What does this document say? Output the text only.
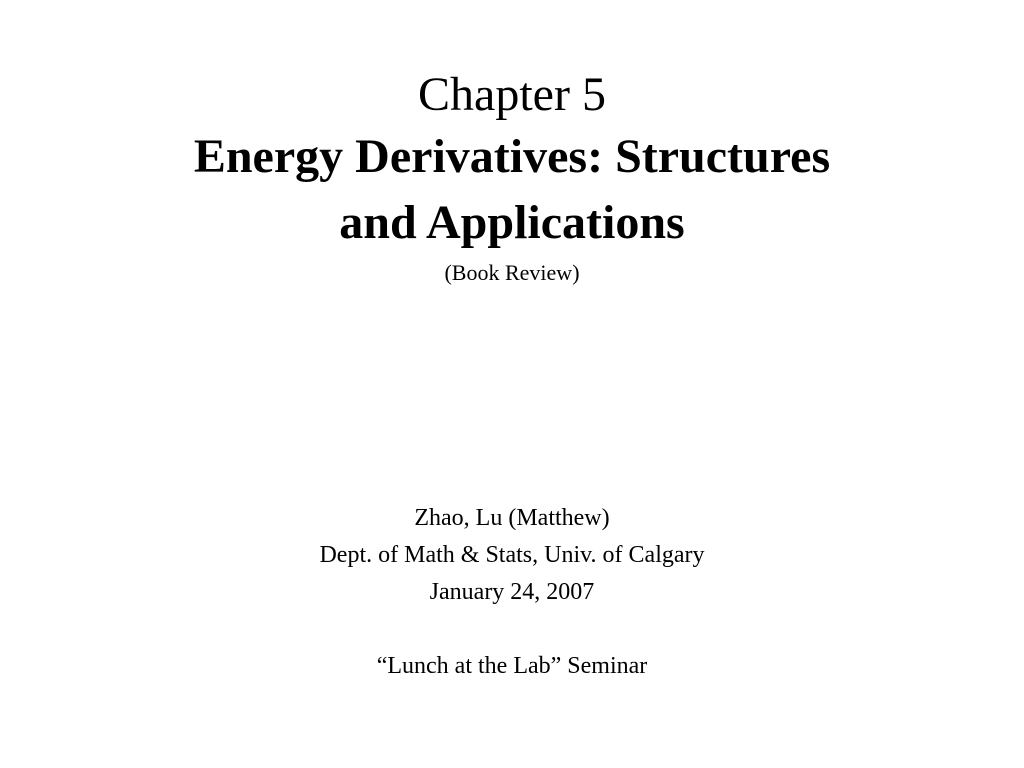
Chapter 5
Energy Derivatives: Structures
and Applications
(Book Review)
Zhao, Lu (Matthew)
Dept. of Math & Stats, Univ. of Calgary
January 24, 2007
“Lunch at the Lab” Seminar
